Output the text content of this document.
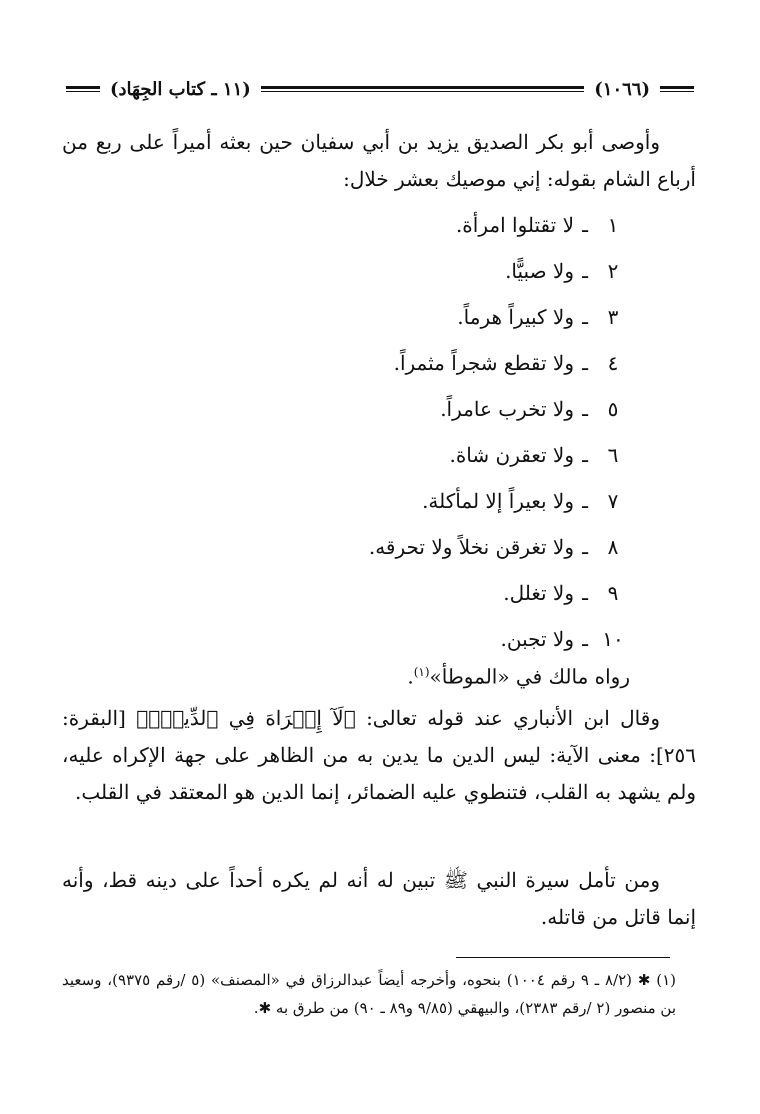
(١٠٦٦)
(١١ ـ كتاب الجِهَاد)

وأوصى أبو بكر الصديق يزيد بن أبي سفيان حين بعثه أميراً على ربع من أرباع الشام بقوله: إني موصيك بعشر خلال:

١
ـ
لا تقتلوا امرأة.
٢
ـ
ولا صبيًّا.
٣
ـ
ولا كبيراً هرماً.
٤
ـ
ولا تقطع شجراً مثمراً.
٥
ـ
ولا تخرب عامراً.
٦
ـ
ولا تعقرن شاة.
٧
ـ
ولا بعيراً إلا لمأكلة.
٨
ـ
ولا تغرقن نخلاً ولا تحرقه.
٩
ـ
ولا تغلل.
١٠
ـ
ولا تجبن.
رواه مالك في «الموطأ»$^{(١)}$.

وقال ابن الأنباري عند قوله تعالى: ﴿لَآ إِكۡرَاهَ فِي ٱلدِّينِۖ﴾ [البقرة: ٢٥٦]: معنى الآية: ليس الدين ما يدين به من الظاهر على جهة الإكراه عليه، ولم يشهد به القلب، فتنطوي عليه الضمائر، إنما الدين هو المعتقد في القلب.

ومن تأمل سيرة النبي ﷺ تبين له أنه لم يكره أحداً على دينه قط، وأنه إنما قاتل من قاتله.

(١) ✱ (٨/٢ ـ ٩ رقم ١٠٠٤) بنحوه، وأخرجه أيضاً عبدالرزاق في «المصنف» (٥ /رقم ٩٣٧٥)، وسعيد بن منصور (٢ /رقم ٢٣٨٣)، والبيهقي (٩/٨٥ و٨٩ ـ ٩٠) من طرق به ✱.
